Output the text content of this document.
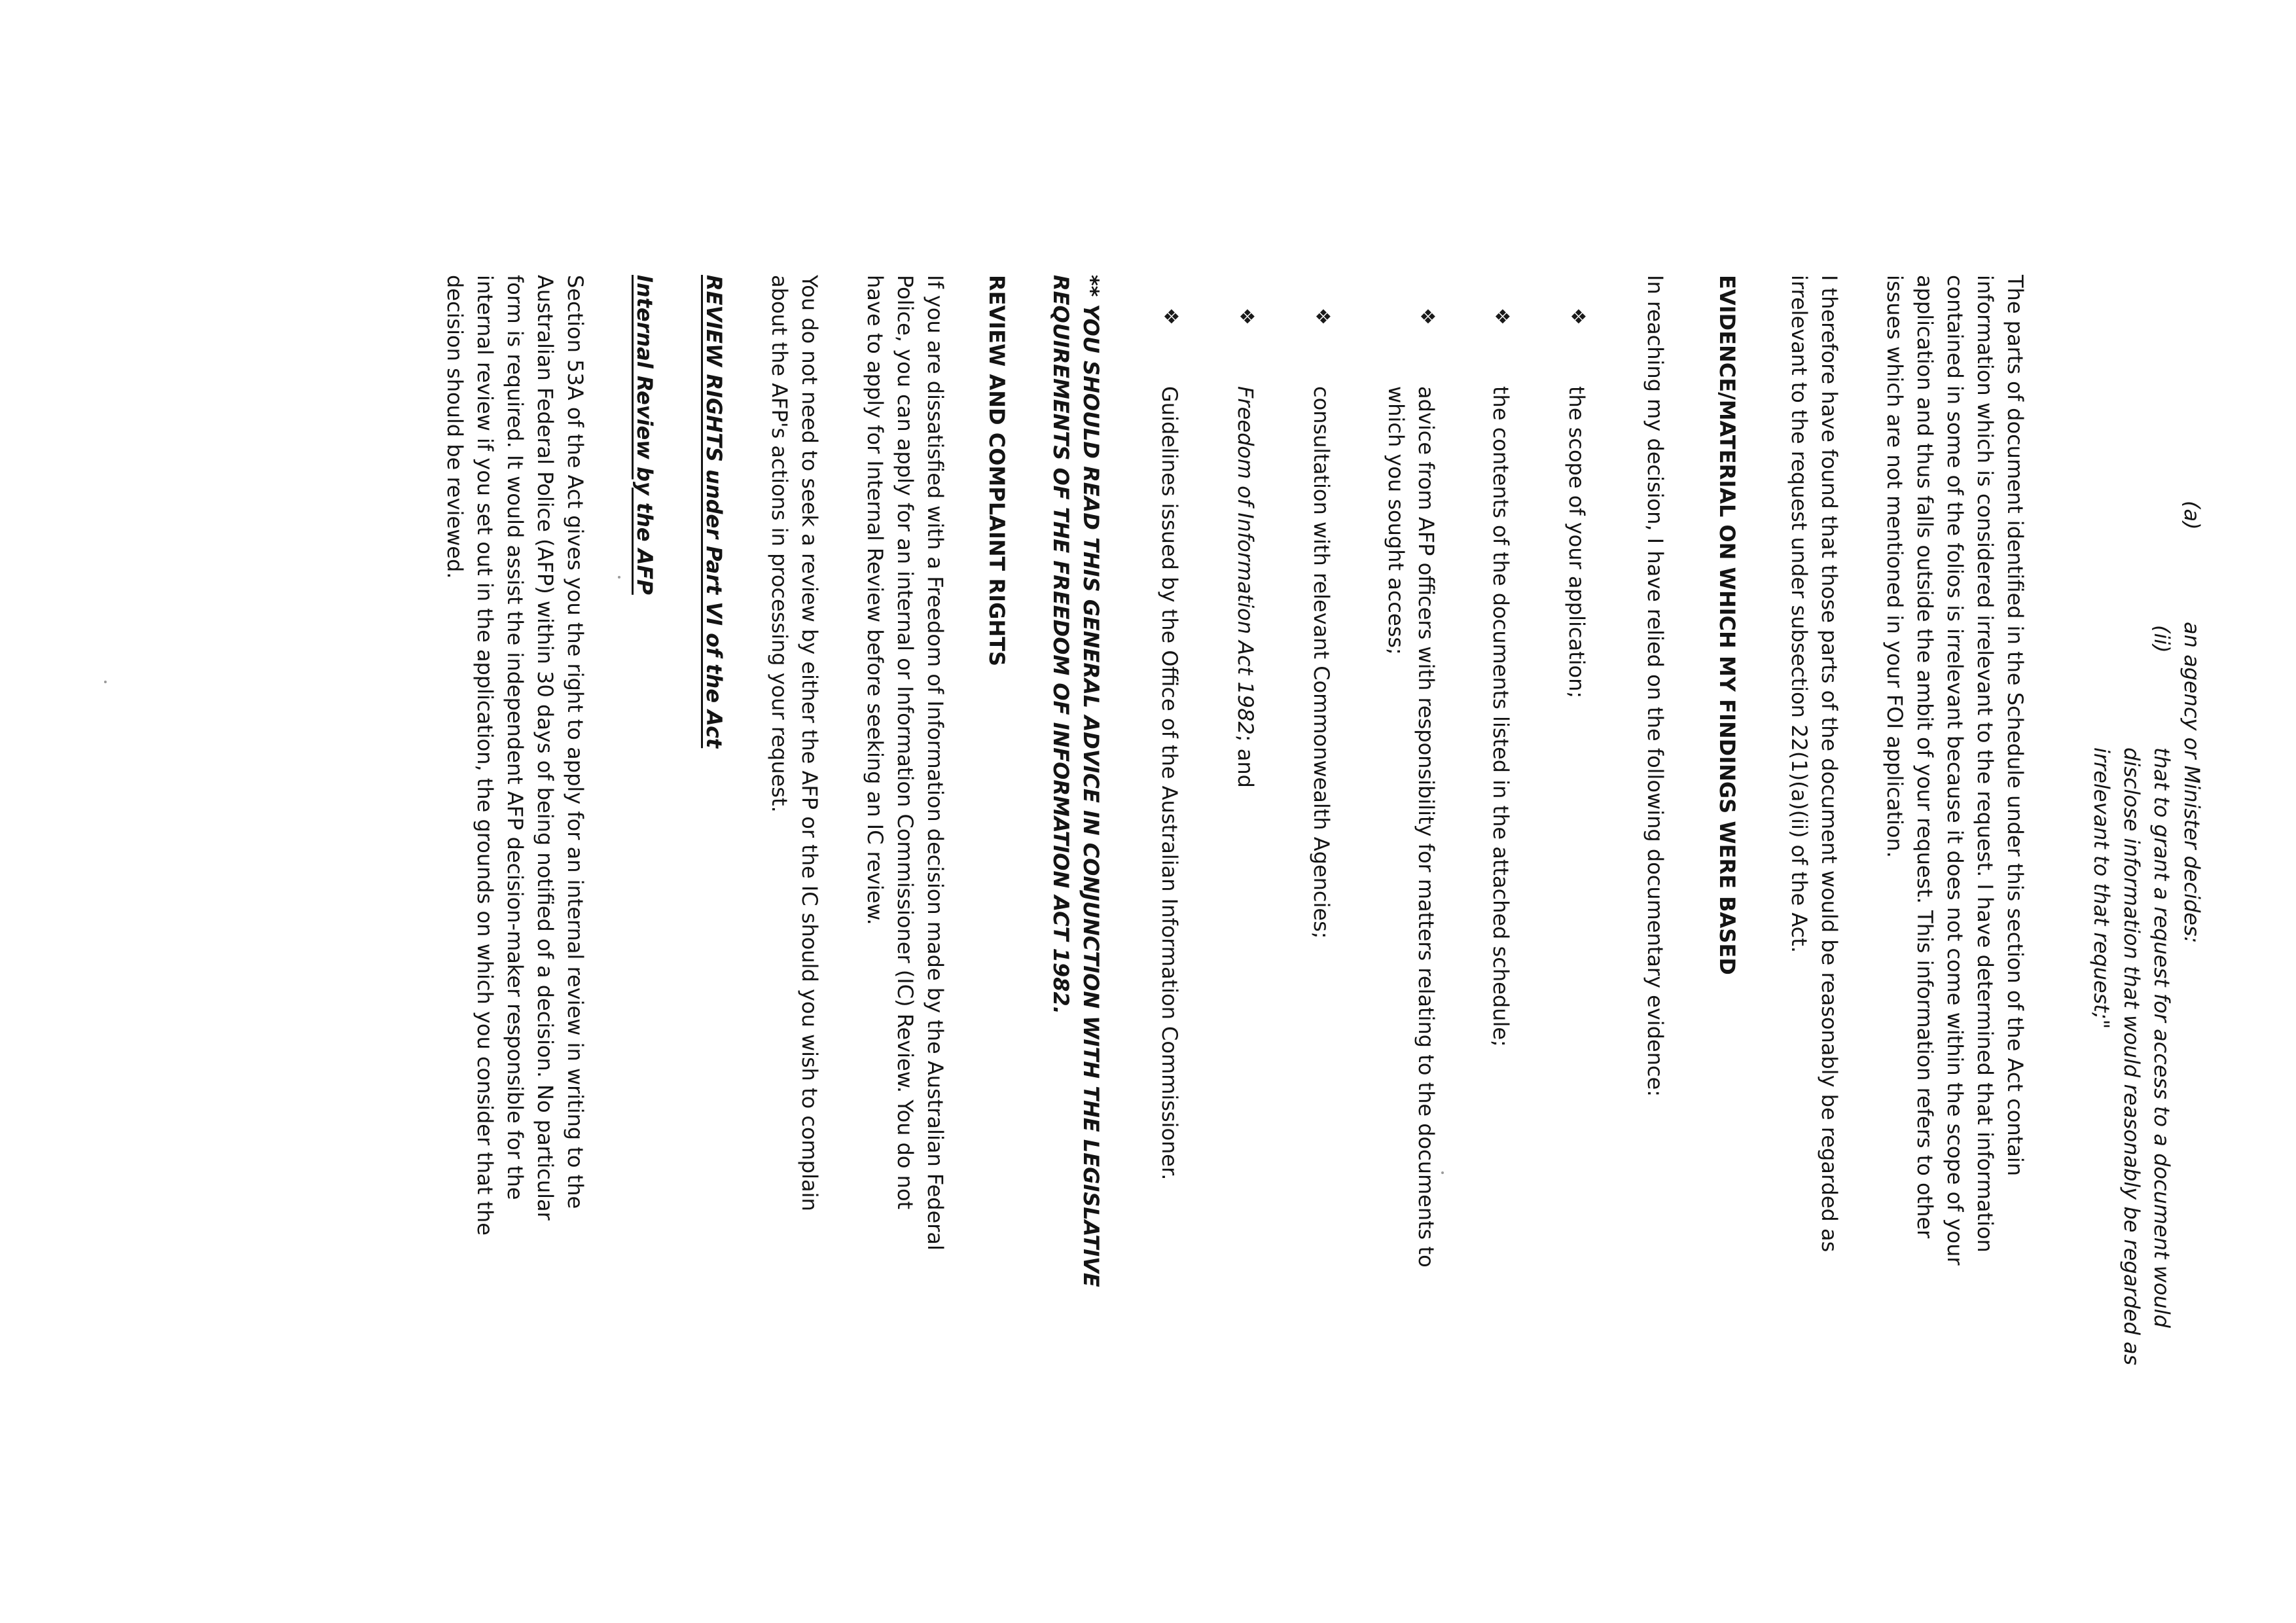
(a)
an agency or Minister decides:
(ii)
that to grant a request for access to a document would
disclose information that would reasonably be regarded as
irrelevant to that request;"
The parts of document identified in the Schedule under this section of the Act contain
information which is considered irrelevant to the request. I have determined that information
contained in some of the folios is irrelevant because it does not come within the scope of your
application and thus falls outside the ambit of your request. This information refers to other
issues which are not mentioned in your FOI application.
I therefore have found that those parts of the document would be reasonably be regarded as
irrelevant to the request under subsection 22(1)(a)(ii) of the Act.
EVIDENCE/MATERIAL ON WHICH MY FINDINGS WERE BASED
In reaching my decision, I have relied on the following documentary evidence:
❖
the scope of your application;
❖
the contents of the documents listed in the attached schedule;
❖
advice from AFP officers with responsibility for matters relating to the documents to
which you sought access;
❖
consultation with relevant Commonwealth Agencies;
❖
Freedom of Information Act 1982; and
❖
Guidelines issued by the Office of the Australian Information Commissioner.
** YOU SHOULD READ THIS GENERAL ADVICE IN CONJUNCTION WITH THE LEGISLATIVE
REQUIREMENTS OF THE FREEDOM OF INFORMATION ACT 1982.
REVIEW AND COMPLAINT RIGHTS
If you are dissatisfied with a Freedom of Information decision made by the Australian Federal
Police, you can apply for an internal or Information Commissioner (IC) Review. You do not
have to apply for Internal Review before seeking an IC review.
You do not need to seek a review by either the AFP or the IC should you wish to complain
about the AFP's actions in processing your request.
REVIEW RIGHTS under Part VI of the Act
Internal Review by the AFP
Section 53A of the Act gives you the right to apply for an internal review in writing to the
Australian Federal Police (AFP) within 30 days of being notified of a decision. No particular
form is required. It would assist the independent AFP decision-maker responsible for the
internal review if you set out in the application, the grounds on which you consider that the
decision should be reviewed.
